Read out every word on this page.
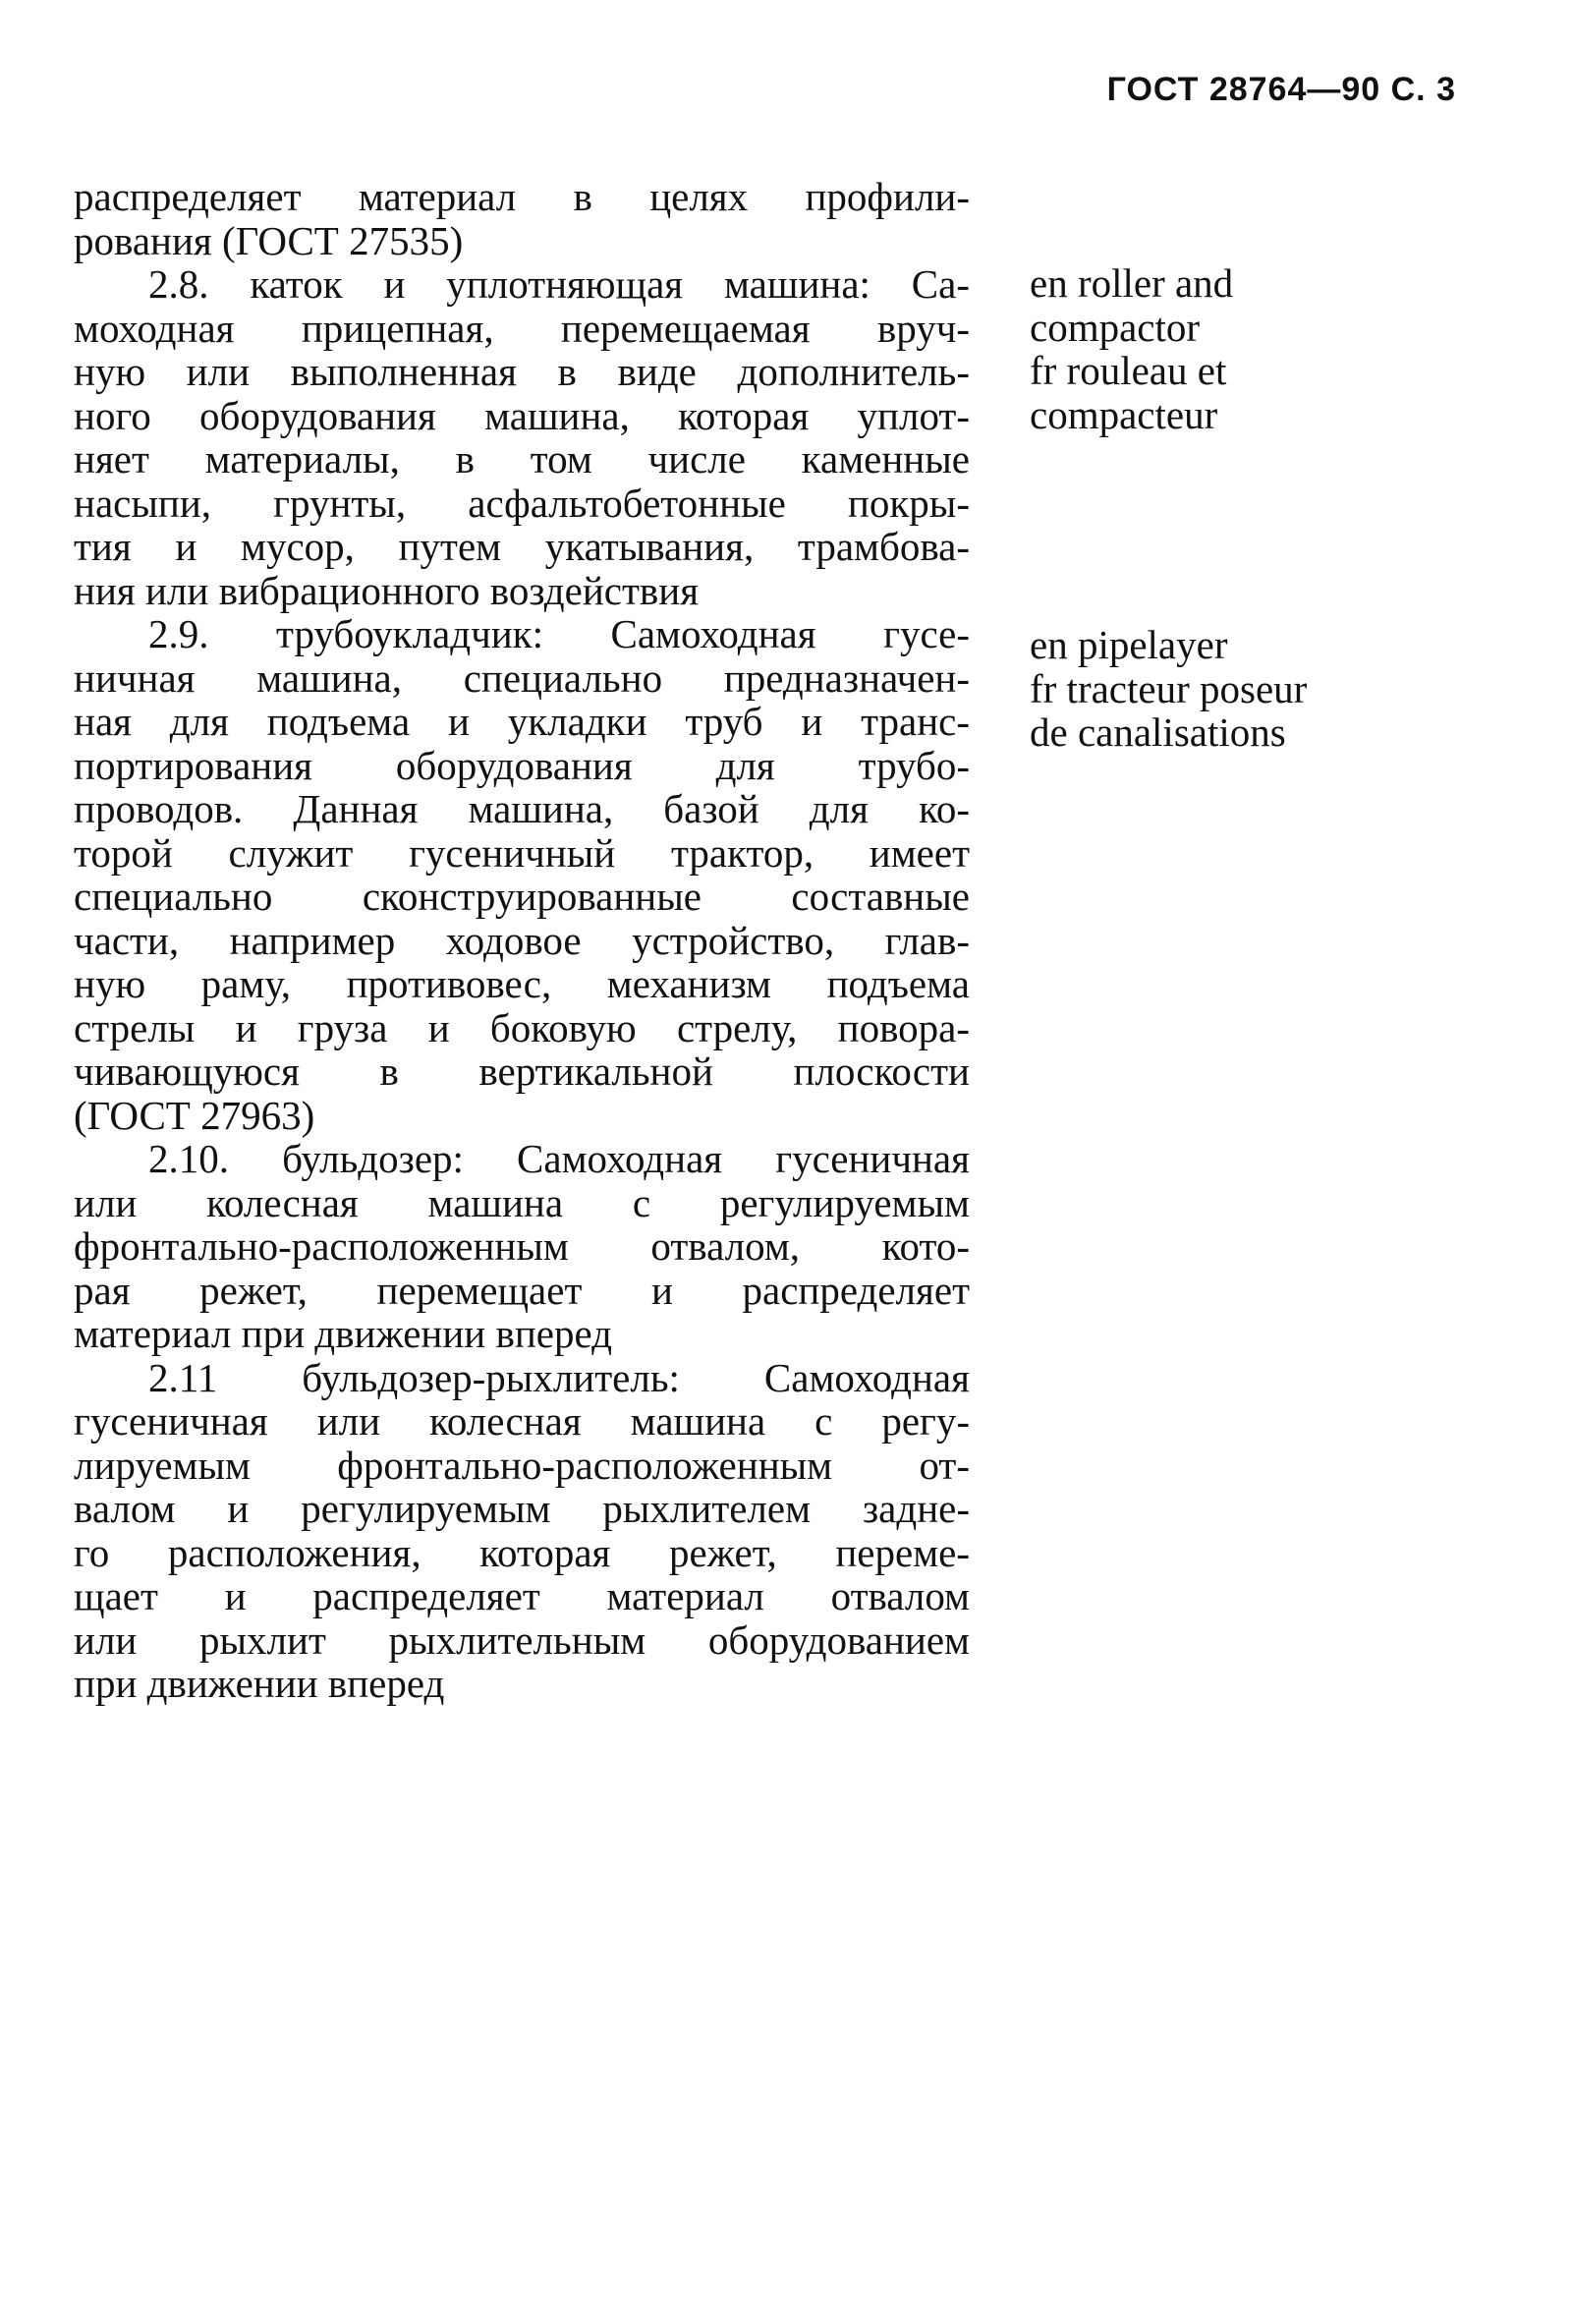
ГОСТ 28764—90 С. 3
распределяет материал в целях профили-
рования (ГОСТ 27535)
2.8. каток и уплотняющая машина: Са-
моходная прицепная, перемещаемая вруч-
ную или выполненная в виде дополнитель-
ного оборудования машина, которая уплот-
няет материалы, в том числе каменные
насыпи, грунты, асфальтобетонные покры-
тия и мусор, путем укатывания, трамбова-
ния или вибрационного воздействия
2.9. трубоукладчик: Самоходная гусе-
ничная машина, специально предназначен-
ная для подъема и укладки труб и транс-
портирования оборудования для трубо-
проводов. Данная машина, базой для ко-
торой служит гусеничный трактор, имеет
специально сконструированные составные
части, например ходовое устройство, глав-
ную раму, противовес, механизм подъема
стрелы и груза и боковую стрелу, повора-
чивающуюся в вертикальной плоскости
(ГОСТ 27963)
2.10. бульдозер: Самоходная гусеничная
или колесная машина с регулируемым
фронтально-расположенным отвалом, кото-
рая режет, перемещает и распределяет
материал при движении вперед
2.11 бульдозер-рыхлитель: Самоходная
гусеничная или колесная машина с регу-
лируемым фронтально-расположенным от-
валом и регулируемым рыхлителем задне-
го расположения, которая режет, переме-
щает и распределяет материал отвалом
или рыхлит рыхлительным оборудованием
при движении вперед
en roller and
compactor
fr rouleau et
compacteur
en pipelayer
fr tracteur poseur
de canalisations
